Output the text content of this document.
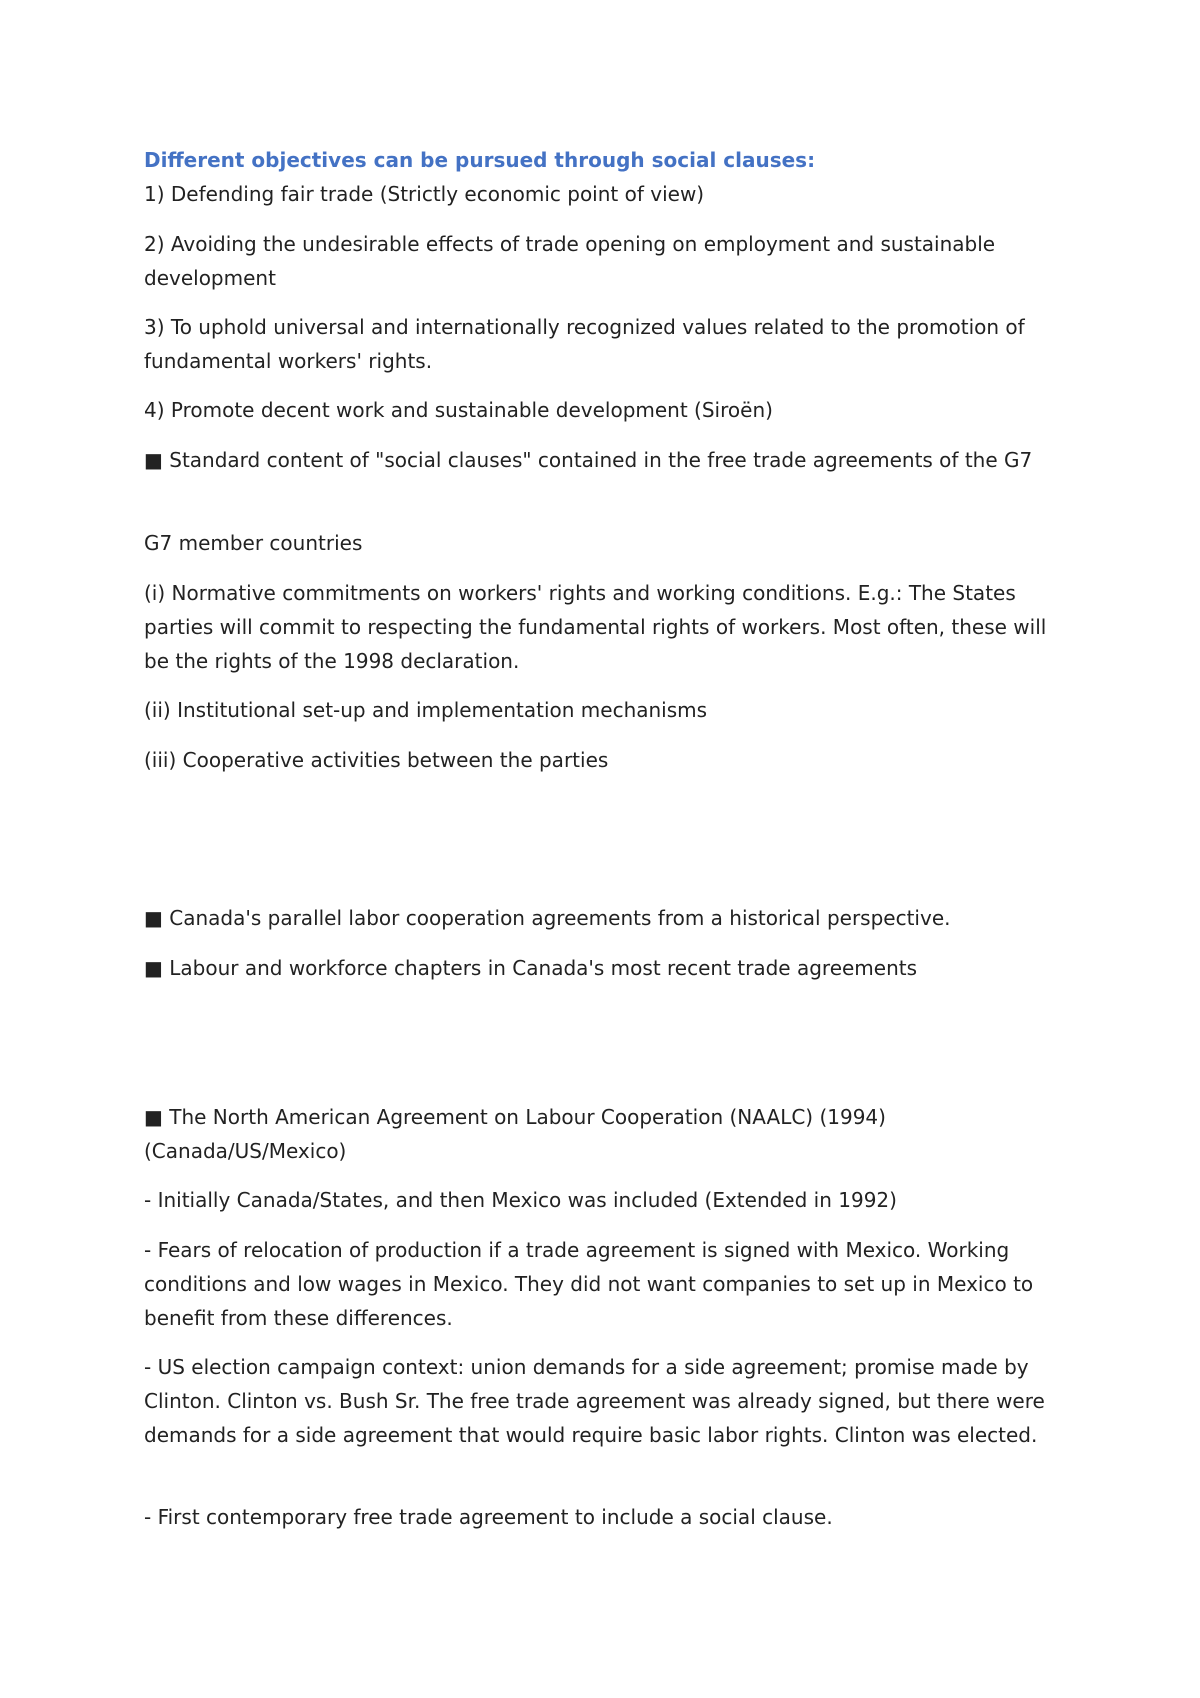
Different objectives can be pursued through social clauses:

1) Defending fair trade (Strictly economic point of view)

2) Avoiding the undesirable effects of trade opening on employment and sustainable development

3) To uphold universal and internationally recognized values related to the promotion of fundamental workers' rights.

4) Promote decent work and sustainable development (Siroën)

■ Standard content of "social clauses" contained in the free trade agreements of the G7

G7 member countries

(i) Normative commitments on workers' rights and working conditions. E.g.: The States parties will commit to respecting the fundamental rights of workers. Most often, these will be the rights of the 1998 declaration.

(ii) Institutional set-up and implementation mechanisms

(iii) Cooperative activities between the parties

■ Canada's parallel labor cooperation agreements from a historical perspective.

■ Labour and workforce chapters in Canada's most recent trade agreements

■ The North American Agreement on Labour Cooperation (NAALC) (1994) (Canada/US/Mexico)

- Initially Canada/States, and then Mexico was included (Extended in 1992)

- Fears of relocation of production if a trade agreement is signed with Mexico. Working conditions and low wages in Mexico. They did not want companies to set up in Mexico to benefit from these differences.

- US election campaign context: union demands for a side agreement; promise made by Clinton. Clinton vs. Bush Sr. The free trade agreement was already signed, but there were demands for a side agreement that would require basic labor rights. Clinton was elected.

- First contemporary free trade agreement to include a social clause.
